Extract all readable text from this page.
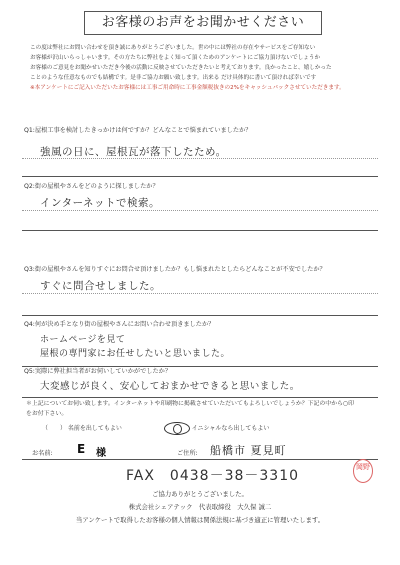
お客様のお声をお聞かせください

この度は弊社にお問い合わせを頂き誠にありがとうございました。世の中には弊社の存在やサービスをご存知ない

お客様が沢山いらっしゃいます。その方たちに弊社をよく知って頂くためのアンケートにご協力頂けないでしょうか

お客様のご意見をお聞かせいただき今後の活動に反映させていただきたいと考えております。良かったこと、嬉しかった

ことのような任意なものでも結構です。是非ご協力お願い致します。出来る だけ具体的に書いて頂ければ幸いです

※本アンケートにご記入いただいたお客様には工事ご用命時に工事金額税抜きの2%をキャッシュバックさせていただきます。

Q1:屋根工事を検討したきっかけは何ですか？どんなことで悩まれていましたか？
強風の日に、屋根瓦が落下したため。
Q2:街の屋根やさんをどのように探しましたか？
インターネットで検索。
Q3:街の屋根やさんを知りすぐにお問合せ頂けましたか？もし悩まれたとしたらどんなことが不安でしたか？
すぐに問合せしました。
Q4:何が決め手となり街の屋根やさんにお問い合わせ頂きましたか？
ホームページを見て
屋根の専門家にお任せしたいと思いました。
Q5:実際に弊社担当者がお伺いしていかがでしたか？
大変感じが良く、安心しておまかせできると思いました。
＊上記についてお伺い致します。インターネットや印刷物に掲載させていただいてもよろしいでしょうか？下記の中から○印
をお付下さい。
（　　） 名前を出してもよい	イニシャルなら出してもよい
お名前: E 様	ご住所: 船橋市 夏見町
FAX　0438－38－3310
岡野
ご協力ありがとうございました。
株式会社シェアテック　代表取締役　大久保 誠二
当アンケートで取得したお客様の個人情報は関係法規に基づき適正に管理いたします。
